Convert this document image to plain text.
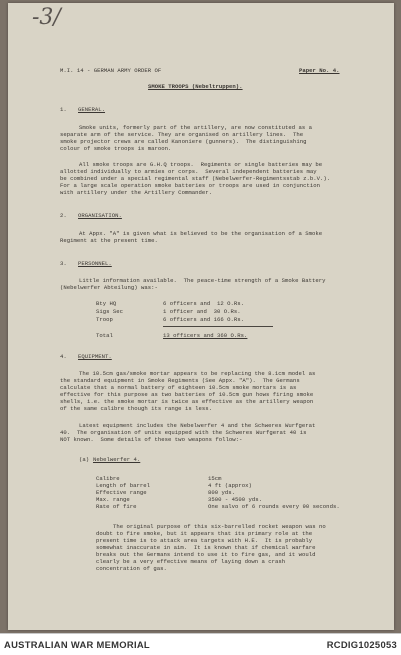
-3/
M.I. 14 - GERMAN ARMY ORDER OF	Paper No. 4.
SMOKE TROOPS (Nebeltruppen).
1. GENERAL.
Smoke units, formerly part of the artillery, are now constituted as a
separate arm of the service. They are organised on artillery lines.  The
smoke projector crews are called Kanoniere (gunners).  The distinguishing
colour of smoke troops is maroon.
All smoke troops are G.H.Q troops.  Regiments or single batteries may be
allotted individually to armies or corps.  Several independent batteries may
be combined under a special regimental staff (Nebelwerfer-Regimentsstab z.b.V.).
For a large scale operation smoke batteries or troops are used in conjunction
with artillery under the Artillery Commander.
2. ORGANISATION.
At Appx. "A" is given what is believed to be the organisation of a Smoke
Regiment at the present time.
3. PERSONNEL.
Little information available.  The peace-time strength of a Smoke Battery
(Nebelwerfer Abteilung) was:-
Bty HQ	6 officers and  12 O.Rs.
Sigs Sec	1 officer and  30 O.Rs.
Troop	6 officers and 166 O.Rs.
Total	13 officers and 360 O.Rs.
4. EQUIPMENT.
The 10.5cm gas/smoke mortar appears to be replacing the 8.1cm model as
the standard equipment in Smoke Regiments (See Appx. "A").  The Germans
calculate that a normal battery of eighteen 10.5cm smoke mortars is as
effective for this purpose as two batteries of 10.5cm gun hows firing smoke
shells, i.e. the smoke mortar is twice as effective as the artillery weapon
of the same calibre though its range is less.
Latest equipment includes the Nebelwerfer 4 and the Schweres Wurfgerat
40.  The organisation of units equipped with the Schweres Wurfgerat 40 is
NOT known.  Some details of these two weapons follow:-
(a) Nebelwerfer 4.
Calibre	15cm
Length of barrel	4 ft (approx)
Effective range	800 yds.
Max. range	3500 - 4500 yds.
Rate of fire	One salvo of 6 rounds every 90 seconds.
The original purpose of this six-barrelled rocket weapon was no
doubt to fire smoke, but it appears that its primary role at the
present time is to attack area targets with H.E.  It is probably
somewhat inaccurate in aim.  It is known that if chemical warfare
breaks out the Germans intend to use it to fire gas, and it would
clearly be a very effective means of laying down a crash
concentration of gas.
AUSTRALIAN WAR MEMORIAL	RCDIG1025053
